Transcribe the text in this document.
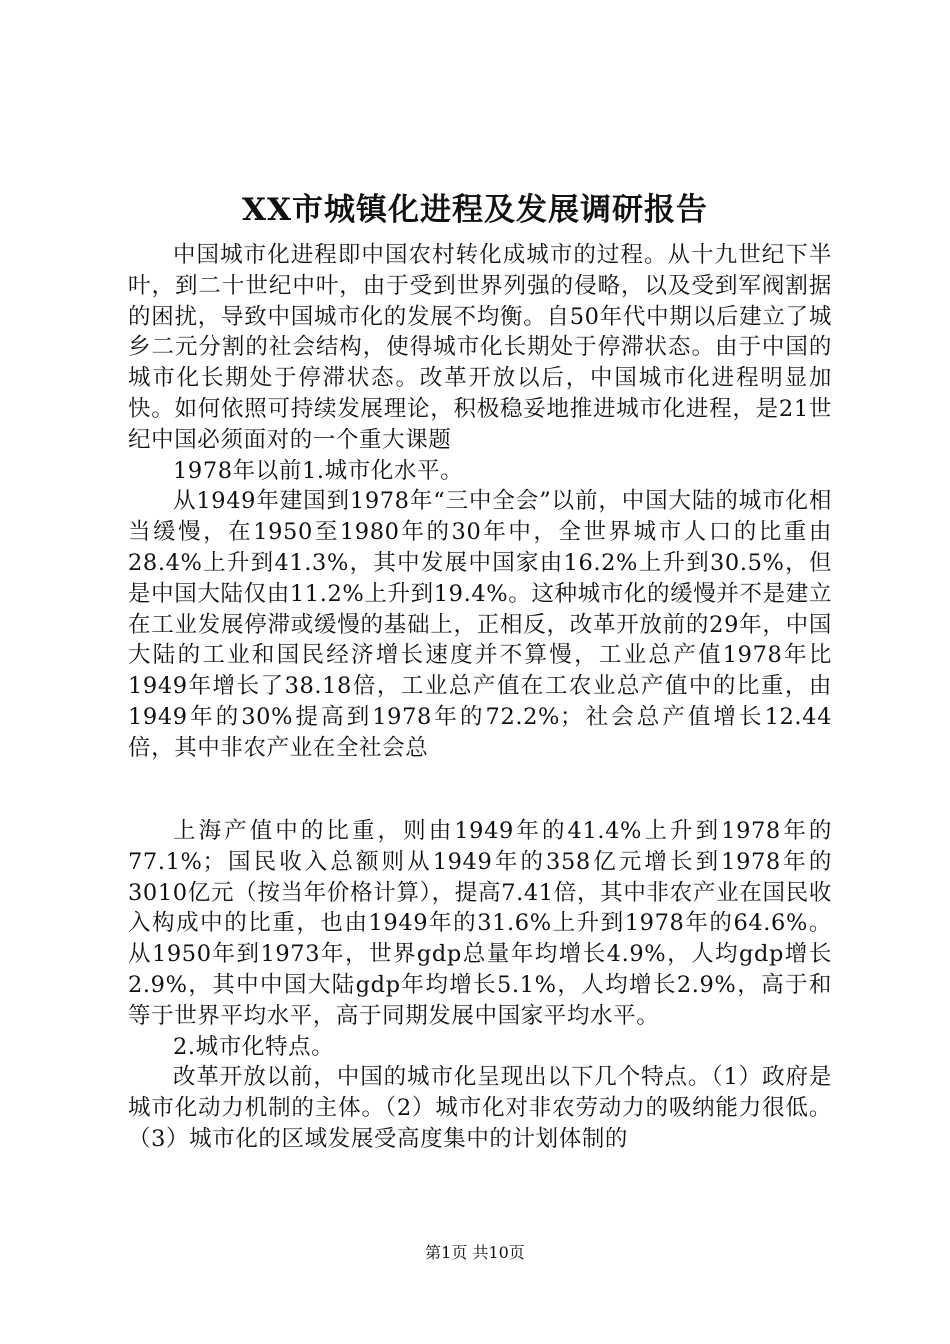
XX市城镇化进程及发展调研报告

中国城市化进程即中国农村转化成城市的过程。从十九世纪下半叶，到二十世纪中叶，由于受到世界列强的侵略，以及受到军阀割据的困扰，导致中国城市化的发展不均衡。自50年代中期以后建立了城乡二元分割的社会结构，使得城市化长期处于停滞状态。由于中国的城市化长期处于停滞状态。改革开放以后，中国城市化进程明显加快。如何依照可持续发展理论，积极稳妥地推进城市化进程，是21世纪中国必须面对的一个重大课题

1978年以前1.城市化水平。

从1949年建国到1978年“三中全会”以前，中国大陆的城市化相当缓慢，在1950至1980年的30年中，全世界城市人口的比重由28.4%上升到41.3%，其中发展中国家由16.2%上升到30.5%，但是中国大陆仅由11.2%上升到19.4%。这种城市化的缓慢并不是建立在工业发展停滞或缓慢的基础上，正相反，改革开放前的29年，中国大陆的工业和国民经济增长速度并不算慢，工业总产值1978年比1949年增长了38.18倍，工业总产值在工农业总产值中的比重，由1949年的30%提高到1978年的72.2%；社会总产值增长12.44倍，其中非农产业在全社会总

上海产值中的比重，则由1949年的41.4%上升到1978年的77.1%；国民收入总额则从1949年的358亿元增长到1978年的3010亿元（按当年价格计算），提高7.41倍，其中非农产业在国民收入构成中的比重，也由1949年的31.6%上升到1978年的64.6%。从1950年到1973年，世界gdp总量年均增长4.9%，人均gdp增长2.9%，其中中国大陆gdp年均增长5.1%，人均增长2.9%，高于和等于世界平均水平，高于同期发展中国家平均水平。

2.城市化特点。

改革开放以前，中国的城市化呈现出以下几个特点。（1）政府是城市化动力机制的主体。（2）城市化对非农劳动力的吸纳能力很低。（3）城市化的区域发展受高度集中的计划体制的

第1页 共10页
